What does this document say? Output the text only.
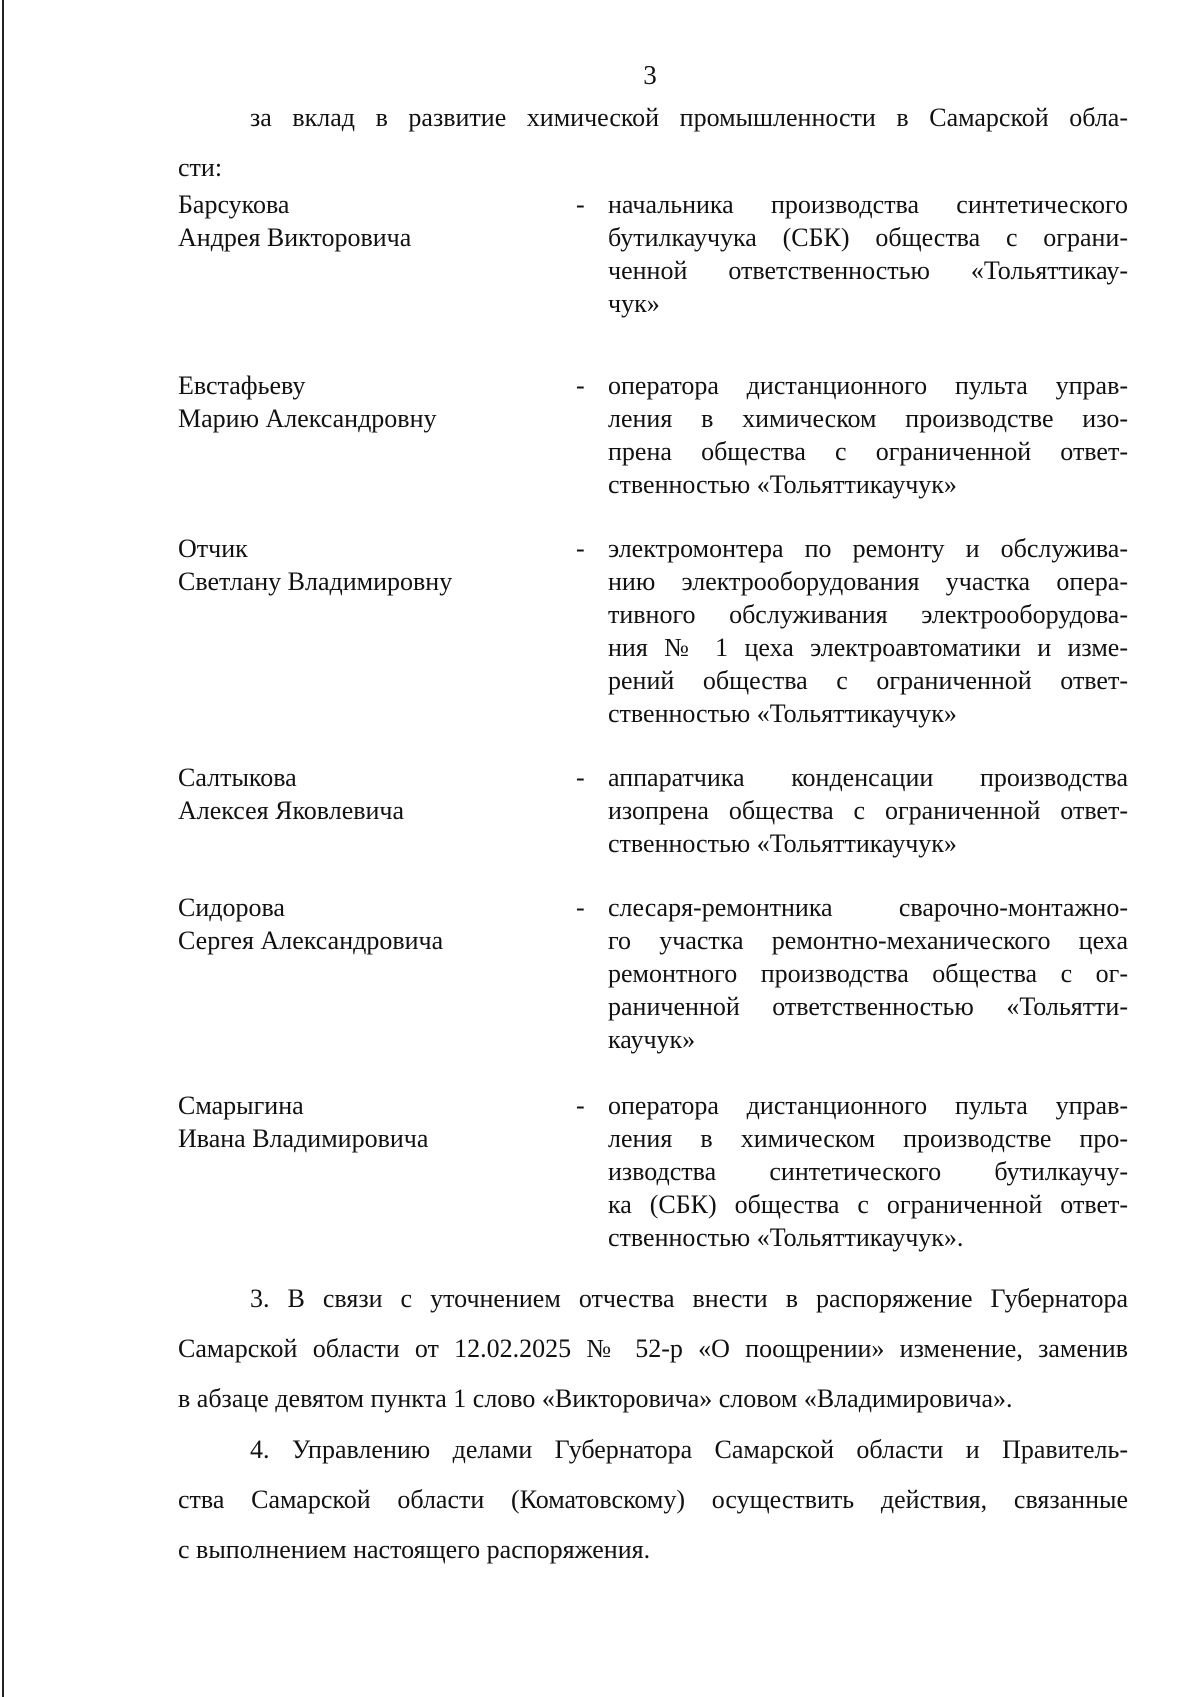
3
за вклад в развитие химической промышленности в Самарской обла-
сти:
Барсукова
Андрея Викторовича
- начальника производства синтетического
бутилкаучука (СБК) общества с ограни-
ченной ответственностью «Тольяттикау-
чук»
Евстафьеву
Марию Александровну
- оператора дистанционного пульта управ-
ления в химическом производстве изо-
прена общества с ограниченной ответ-
ственностью «Тольяттикаучук»
Отчик
Светлану Владимировну
- электромонтера по ремонту и обслужива-
нию электрооборудования участка опера-
тивного обслуживания электрооборудова-
ния № 1 цеха электроавтоматики и изме-
рений общества с ограниченной ответ-
ственностью «Тольяттикаучук»
Салтыкова
Алексея Яковлевича
- аппаратчика конденсации производства
изопрена общества с ограниченной ответ-
ственностью «Тольяттикаучук»
Сидорова
Сергея Александровича
- слесаря-ремонтника сварочно-монтажно-
го участка ремонтно-механического цеха
ремонтного производства общества с ог-
раниченной ответственностью «Тольятти-
каучук»
Смарыгина
Ивана Владимировича
- оператора дистанционного пульта управ-
ления в химическом производстве про-
изводства синтетического бутилкаучу-
ка (СБК) общества с ограниченной ответ-
ственностью «Тольяттикаучук».
3. В связи с уточнением отчества внести в распоряжение Губернатора
Самарской области от 12.02.2025 № 52-р «О поощрении» изменение, заменив
в абзаце девятом пункта 1 слово «Викторовича» словом «Владимировича».
4. Управлению делами Губернатора Самарской области и Правитель-
ства Самарской области (Коматовскому) осуществить действия, связанные
с выполнением настоящего распоряжения.
